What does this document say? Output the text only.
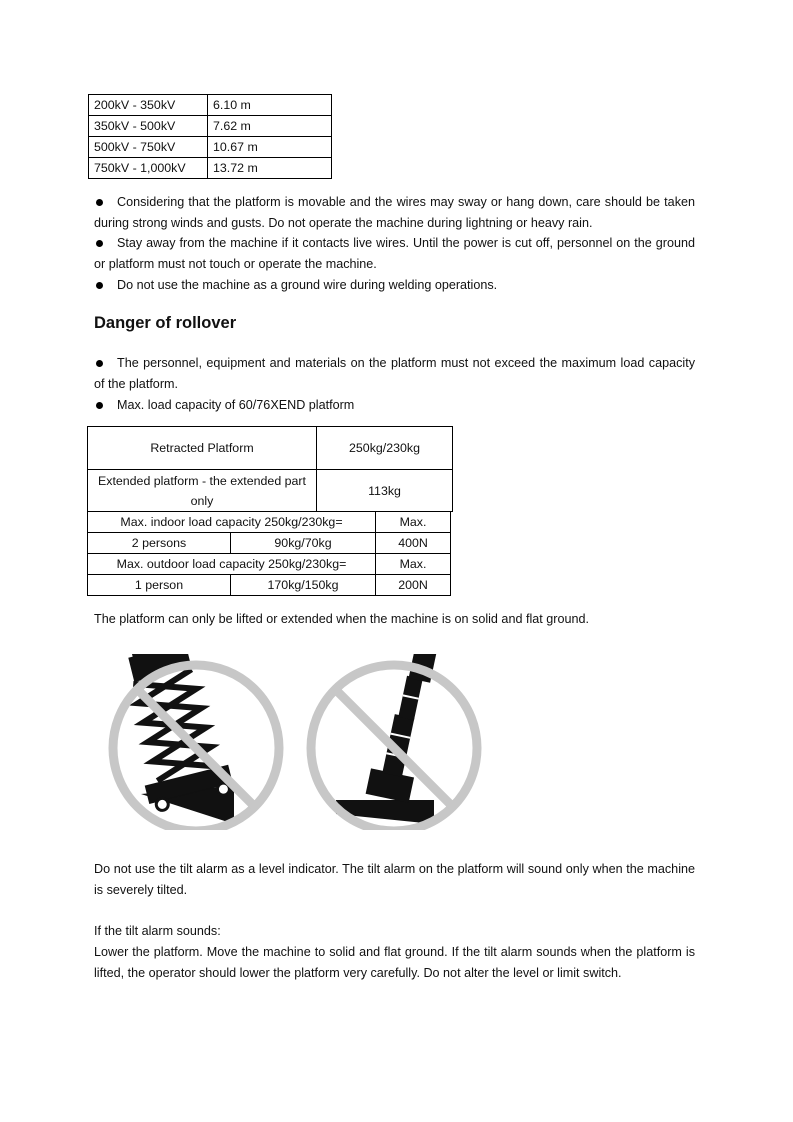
200kV - 350kV	6.10 m
350kV - 500kV	7.62 m
500kV - 750kV	10.67 m
750kV - 1,000kV	13.72 m
Considering that the platform is movable and the wires may sway or hang down, care should be taken during strong winds and gusts. Do not operate the machine during lightning or heavy rain.
Stay away from the machine if it contacts live wires. Until the power is cut off, personnel on the ground or platform must not touch or operate the machine.
Do not use the machine as a ground wire during welding operations.
Danger of rollover
The personnel, equipment and materials on the platform must not exceed the maximum load capacity of the platform.
Max. load capacity of 60/76XEND platform
Retracted Platform	250kg/230kg
Extended platform - the extended part only	113kg
Max. indoor load capacity 250kg/230kg=		Max.
2 persons	90kg/70kg	400N
Max. outdoor load capacity 250kg/230kg=		Max.
1 person	170kg/150kg	200N
The platform can only be lifted or extended when the machine is on solid and flat ground.
Do not use the tilt alarm as a level indicator. The tilt alarm on the platform will sound only when the machine is severely tilted.
If the tilt alarm sounds:
Lower the platform. Move the machine to solid and flat ground. If the tilt alarm sounds when the platform is lifted, the operator should lower the platform very carefully. Do not alter the level or limit switch.
